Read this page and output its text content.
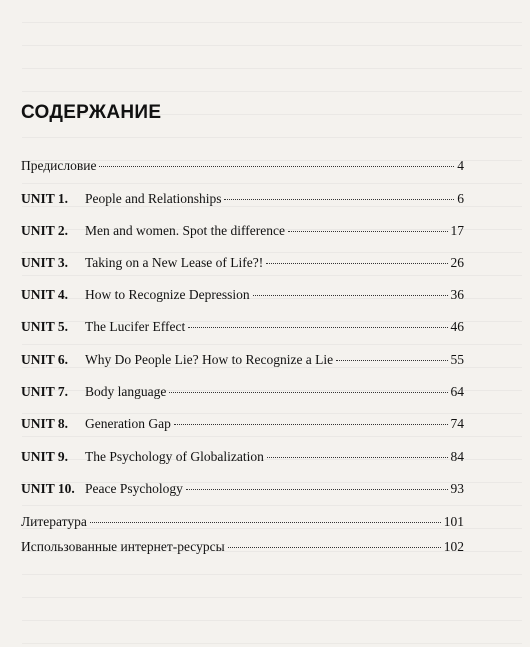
СОДЕРЖАНИЕ
Предисловие	4
UNIT 1.	People and Relationships	6
UNIT 2.	Men and women. Spot the difference	17
UNIT 3.	Taking on a New Lease of Life?!	26
UNIT 4.	How to Recognize Depression	36
UNIT 5.	The Lucifer Effect	46
UNIT 6.	Why Do People Lie? How to Recognize a Lie	55
UNIT 7.	Body language	64
UNIT 8.	Generation Gap	74
UNIT 9.	The Psychology of Globalization	84
UNIT 10. Peace Psychology	93
Литература	101
Использованные интернет-ресурсы	102
